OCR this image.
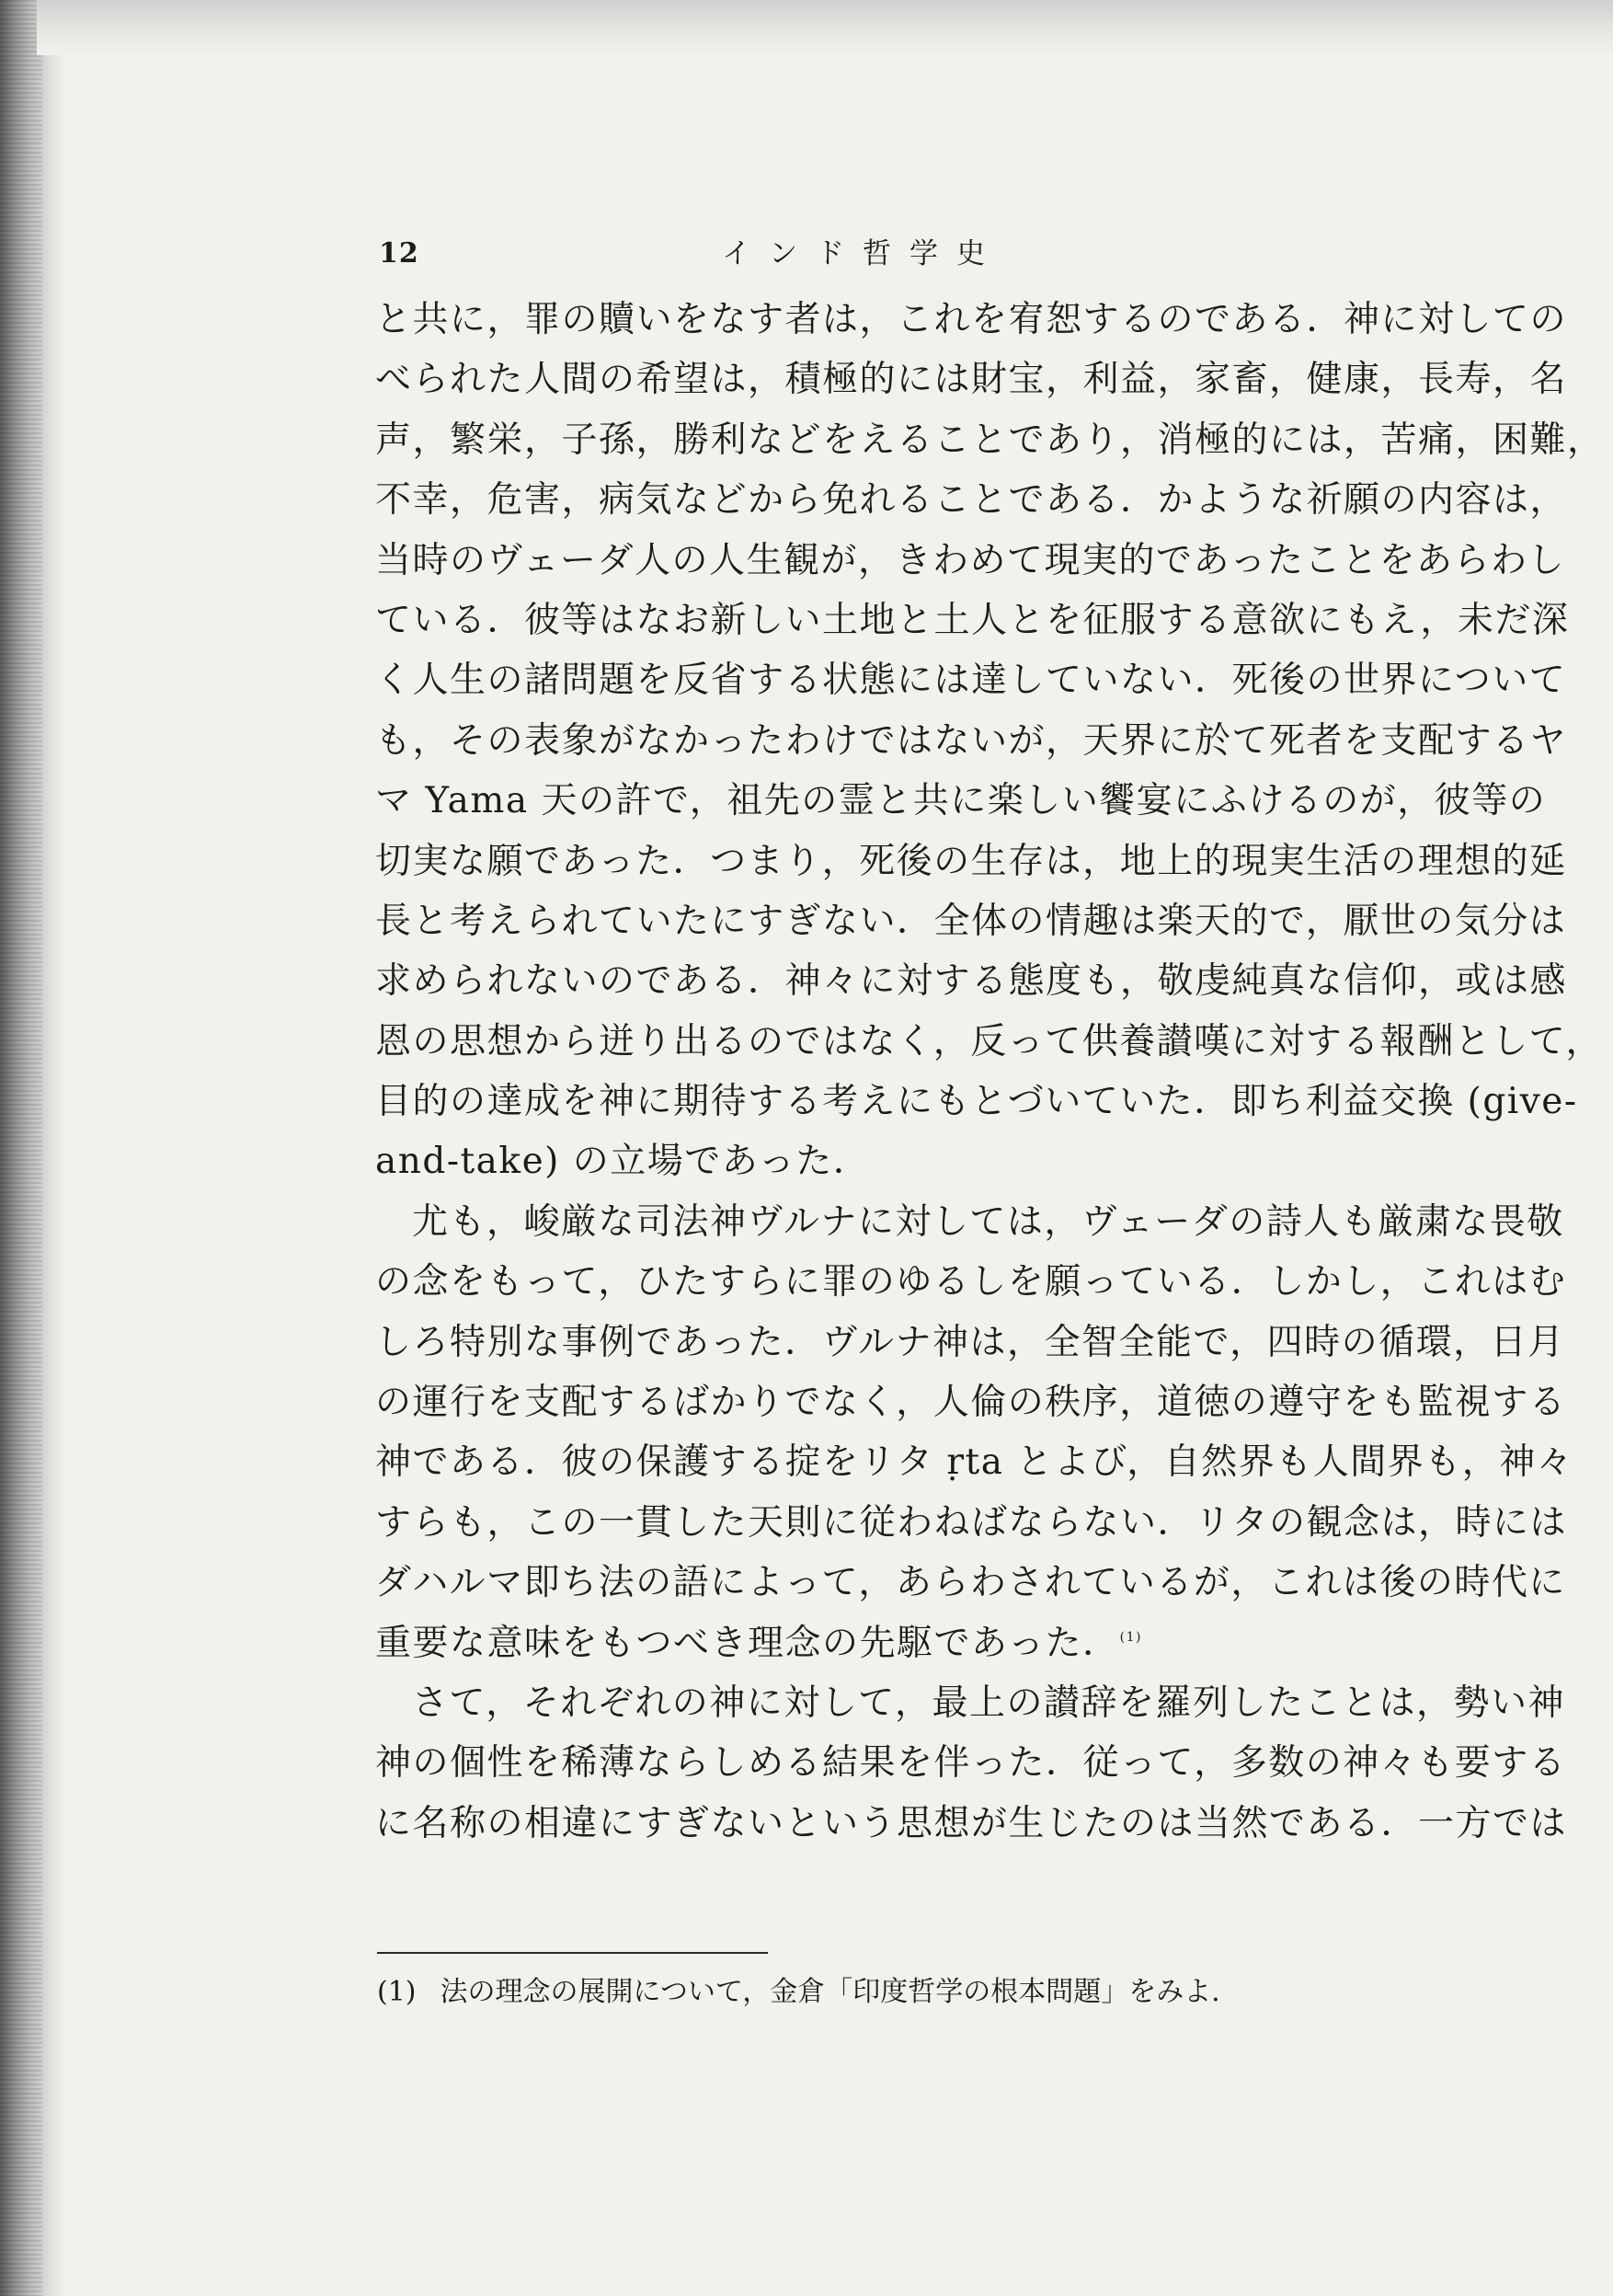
12	インド哲学史
と共に，罪の贖いをなす者は，これを宥恕するのである．神に対しての
べられた人間の希望は，積極的には財宝，利益，家畜，健康，長寿，名
声，繁栄，子孫，勝利などをえることであり，消極的には，苦痛，困難，
不幸，危害，病気などから免れることである．かような祈願の内容は，
当時のヴェーダ人の人生観が，きわめて現実的であったことをあらわし
ている．彼等はなお新しい土地と土人とを征服する意欲にもえ，未だ深
く人生の諸問題を反省する状態には達していない．死後の世界について
も，その表象がなかったわけではないが，天界に於て死者を支配するヤ
マ Yama 天の許で，祖先の霊と共に楽しい饗宴にふけるのが，彼等の
切実な願であった．つまり，死後の生存は，地上的現実生活の理想的延
長と考えられていたにすぎない．全体の情趣は楽天的で，厭世の気分は
求められないのである．神々に対する態度も，敬虔純真な信仰，或は感
恩の思想から迸り出るのではなく，反って供養讃嘆に対する報酬として，
目的の達成を神に期待する考えにもとづいていた．即ち利益交換 (give-
and-take) の立場であった．
尤も，峻厳な司法神ヴルナに対しては，ヴェーダの詩人も厳粛な畏敬
の念をもって，ひたすらに罪のゆるしを願っている．しかし，これはむ
しろ特別な事例であった．ヴルナ神は，全智全能で，四時の循環，日月
の運行を支配するばかりでなく，人倫の秩序，道徳の遵守をも監視する
神である．彼の保護する掟をリタ ṛta とよび，自然界も人間界も，神々
すらも，この一貫した天則に従わねばならない．リタの観念は，時には
ダハルマ即ち法の語によって，あらわされているが，これは後の時代に
重要な意味をもつべき理念の先駆であった．$^{(1)}$
さて，それぞれの神に対して，最上の讃辞を羅列したことは，勢い神
神の個性を稀薄ならしめる結果を伴った．従って，多数の神々も要する
に名称の相違にすぎないという思想が生じたのは当然である．一方では
(1) 法の理念の展開について，金倉「印度哲学の根本問題」をみよ．
